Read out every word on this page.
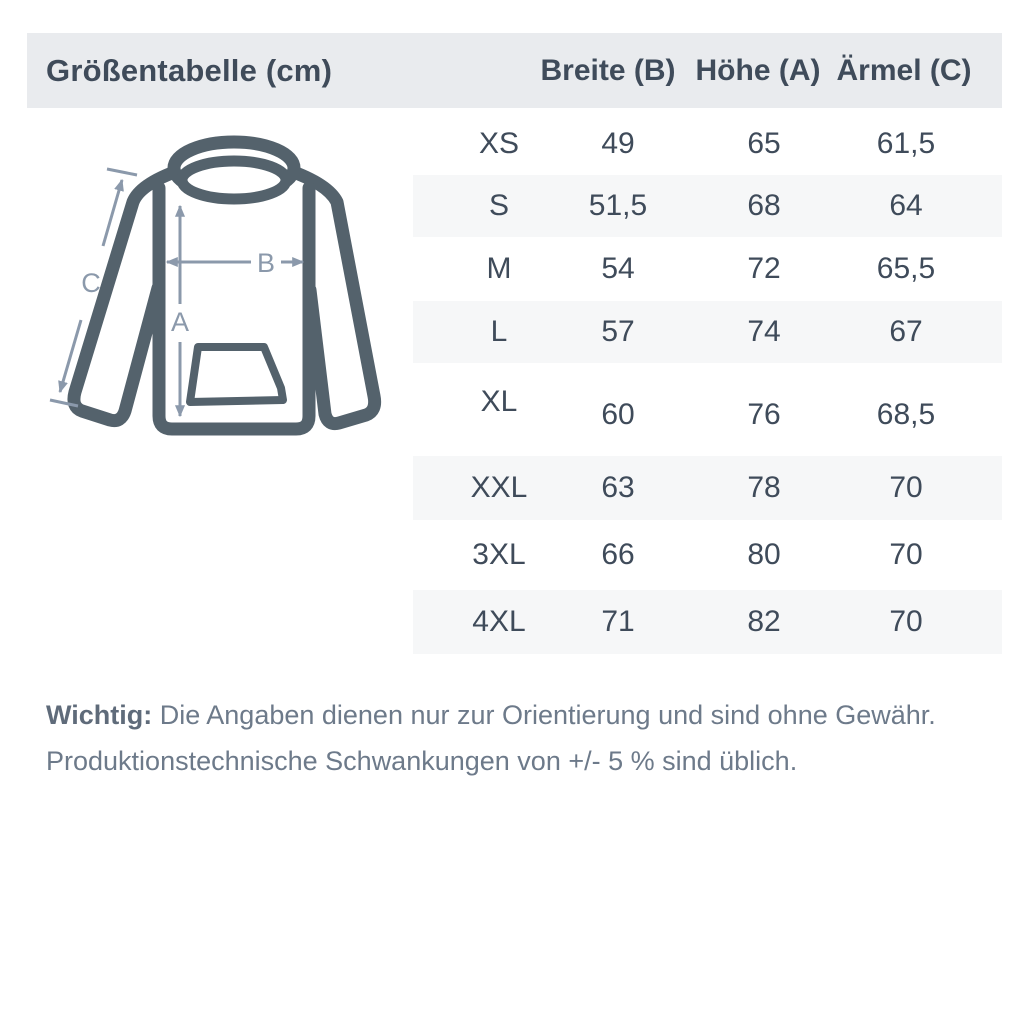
Größentabelle (cm)	Breite (B) Höhe (A) Ärmel (C)
A
B
C
XS	49	65	61,5
S	51,5	68	64
M	54	72	65,5
L	57	74	67
XL	60	76	68,5
XXL 63	78	70
3XL	66	80	70
4XL	71	82	70

Wichtig: Die Angaben dienen nur zur Orientierung und sind ohne Gewähr.
Produktionstechnische Schwankungen von +/- 5 % sind üblich.
